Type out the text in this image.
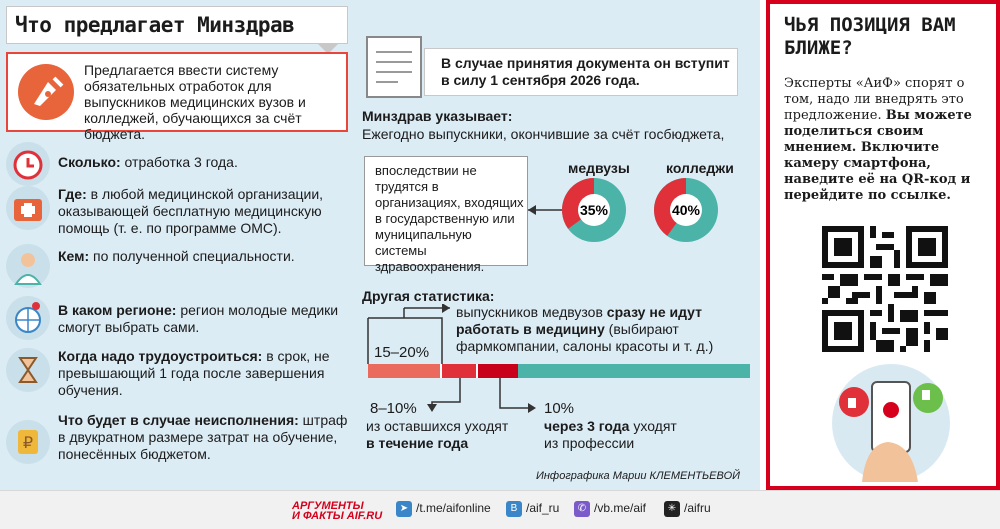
Что предлагает Минздрав
Предлагается ввести систему обязательных отработок для выпускников медицинских вузов и колледжей, обучающихся за счёт бюджета.
Сколько: отработка 3 года.
Где: в любой медицинской организации, оказывающей бесплатную медицинскую помощь (т. е. по программе ОМС).
Кем: по полученной специальности.
В каком регионе: регион молодые медики смогут выбрать сами.
Когда надо трудоустроиться: в срок, не превышающий 1 года после завершения обучения.
₽
Что будет в случае неисполнения: штраф в двукратном размере затрат на обучение, понесённых бюджетом.
В случае принятия документа он вступит в силу 1 сентября 2026 года.
Минздрав указывает:
Ежегодно выпускники, окончившие за счёт госбюджета,
впоследствии не трудятся в организациях, входящих в государственную или муниципальную системы здравоохранения.
медвузы	колледжи
35%	40%
Другая статистика:
15–20%
выпускников медвузов сразу не идут работать в медицину (выбирают фармкомпании, салоны красоты и т. д.)
8–10%
из оставшихся уходят
в течение года
10%
через 3 года уходят из профессии
Инфографика Марии КЛЕМЕНТЬЕВОЙ
ЧЬЯ ПОЗИЦИЯ ВАМ БЛИЖЕ?
Эксперты «АиФ» спорят о том, надо ли внедрять это предложение. Вы можете поделиться своим мнением. Включите камеру смартфона, наведите её на QR-код и перейдите по ссылке.
АРГУМЕНТЫ
И ФАКТЫ AIF.RU
➤ /t.me/aifonline	В /aif_ru	✆ /vb.me/aif	✳ /aifru
